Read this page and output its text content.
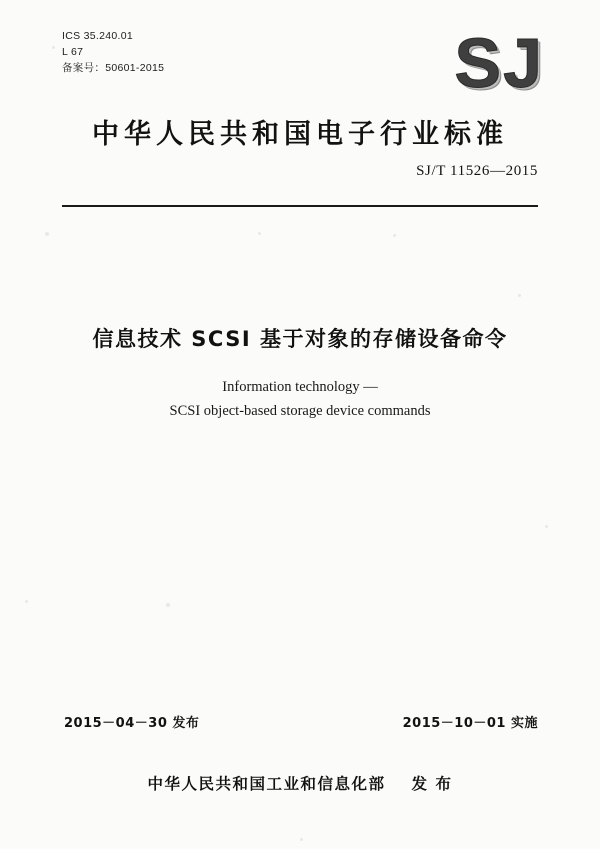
ICS 35.240.01
L 67
备案号：50601-2015	SJ
中华人民共和国电子行业标准
SJ/T 11526—2015
信息技术 SCSI 基于对象的存储设备命令
Information technology —
SCSI object-based storage device commands
2015－04－30 发布	2015－10－01 实施
中华人民共和国工业和信息化部 发 布
